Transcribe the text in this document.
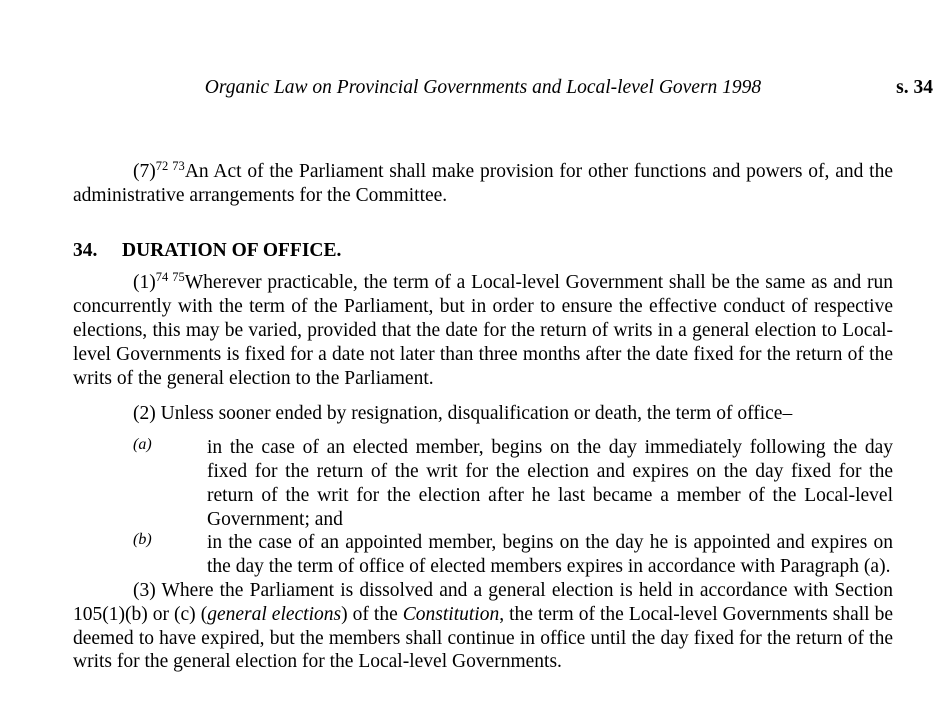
Organic Law on Provincial Governments and Local-level Govern 1998	s. 34

(7)$^{72 73}$An Act of the Parliament shall make provision for other functions and powers of, and the administrative arrangements for the Committee.

34. DURATION OF OFFICE.

(1)$^{74 75}$Wherever practicable, the term of a Local-level Government shall be the same as and run concurrently with the term of the Parliament, but in order to ensure the effective conduct of respective elections, this may be varied, provided that the date for the return of writs in a general election to Local-level Governments is fixed for a date not later than three months after the date fixed for the return of the writs of the general election to the Parliament.

(2) Unless sooner ended by resignation, disqualification or death, the term of office–

(a)	in the case of an elected member, begins on the day immediately following the day fixed for the return of the writ for the election and expires on the day fixed for the return of the writ for the election after he last became a member of the Local-level Government; and

(b)	in the case of an appointed member, begins on the day he is appointed and expires on the day the term of office of elected members expires in accordance with Paragraph (a).

(3) Where the Parliament is dissolved and a general election is held in accordance with Section 105(1)(b) or (c) (general elections) of the Constitution, the term of the Local-level Governments shall be deemed to have expired, but the members shall continue in office until the day fixed for the return of the writs for the general election for the Local-level Governments.
